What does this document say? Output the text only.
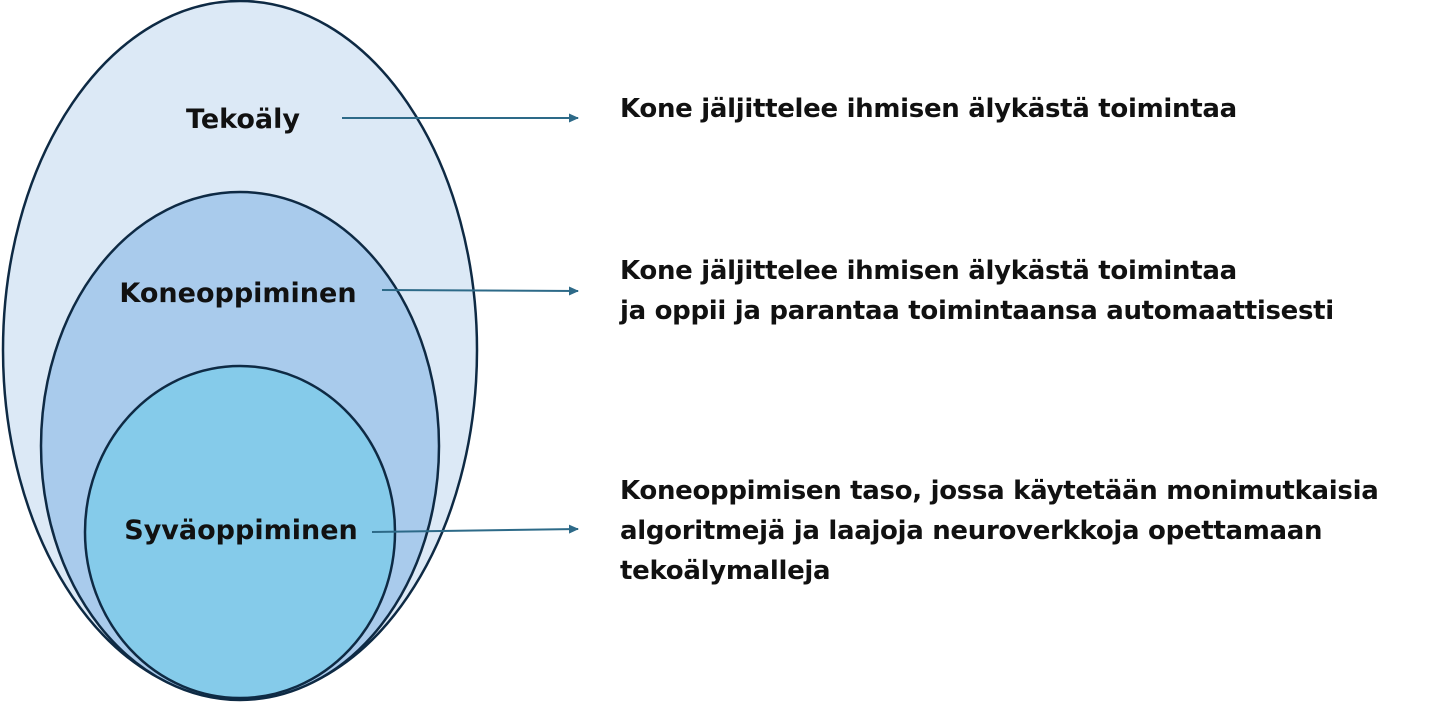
Tekoäly
Koneoppiminen
Syväoppiminen

Kone jäljittelee ihmisen älykästä toimintaa

Kone jäljittelee ihmisen älykästä toimintaa
ja oppii ja parantaa toimintaansa automaattisesti

Koneoppimisen taso, jossa käytetään monimutkaisia
algoritmejä ja laajoja neuroverkkoja opettamaan
tekoälymalleja
